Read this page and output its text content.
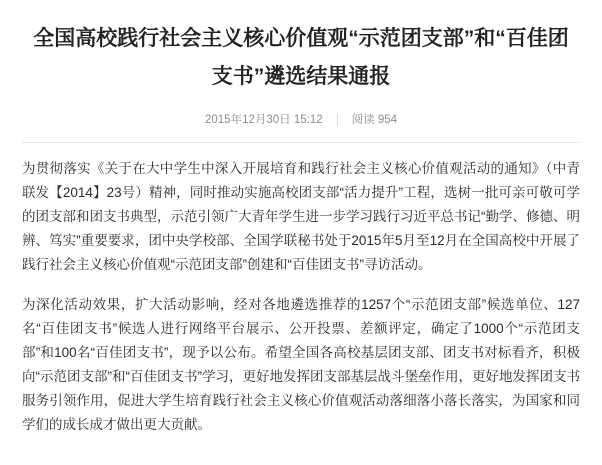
全国高校践行社会主义核心价值观“示范团支部”和“百佳团支书”遴选结果通报
2015年12月30日 15:12	阅读 954

为贯彻落实《关于在大中学生中深入开展培育和践行社会主义核心价值观活动的通知》（中青联发【2014】23号）精神，同时推动实施高校团支部“活力提升”工程，选树一批可亲可敬可学的团支部和团支书典型，示范引领广大青年学生进一步学习践行习近平总书记“勤学、修德、明辨、笃实”重要要求，团中央学校部、全国学联秘书处于2015年5月至12月在全国高校中开展了践行社会主义核心价值观“示范团支部”创建和“百佳团支书”寻访活动。

为深化活动效果，扩大活动影响，经对各地遴选推荐的1257个“示范团支部”候选单位、127名“百佳团支书”候选人进行网络平台展示、公开投票、差额评定，确定了1000个“示范团支部”和100名“百佳团支书”，现予以公布。希望全国各高校基层团支部、团支书对标看齐，积极向“示范团支部”和“百佳团支书”学习，更好地发挥团支部基层战斗堡垒作用，更好地发挥团支书服务引领作用，促进大学生培育践行社会主义核心价值观活动落细落小落长落实，为国家和同学们的成长成才做出更大贡献。
